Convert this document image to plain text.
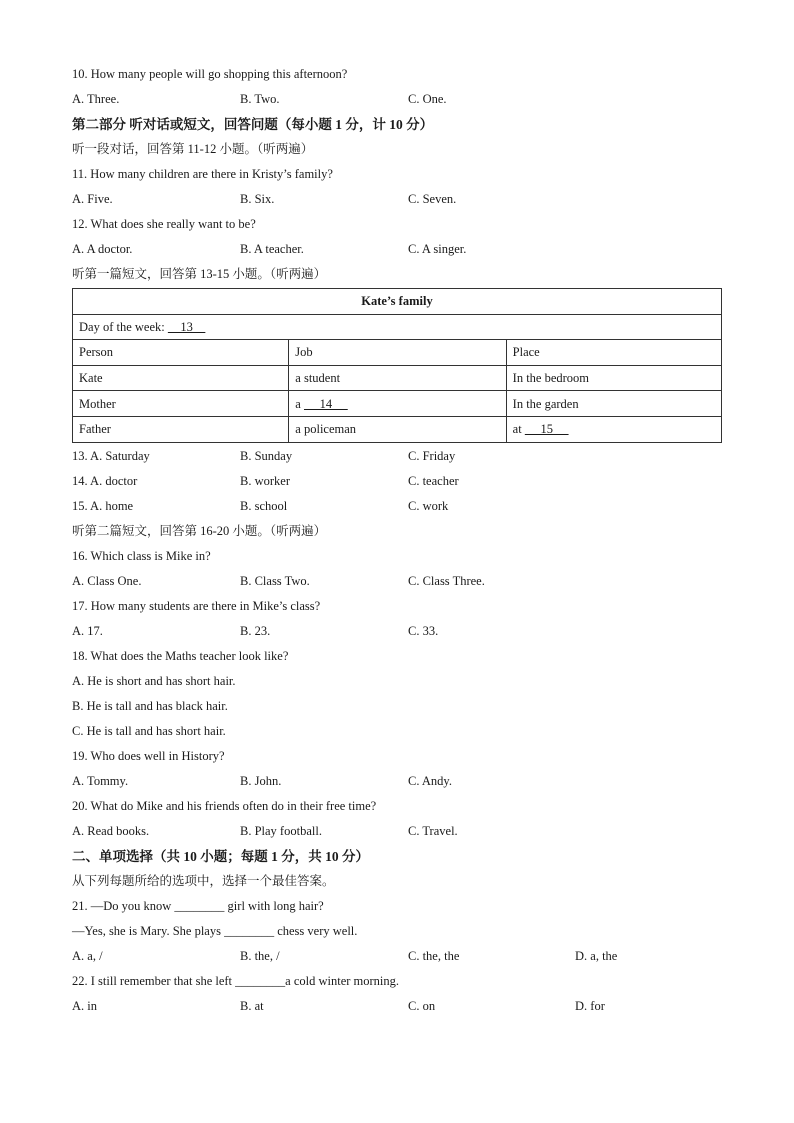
10. How many people will go shopping this afternoon?
A. Three.	B. Two.	C. One.
第二部分 听对话或短文，回答问题（每小题 1 分，计 10 分）
听一段对话，回答第 11-12 小题。（听两遍）
11. How many children are there in Kristy’s family?
A. Five.	B. Six.	C. Seven.
12. What does she really want to be?
A. A doctor.	B. A teacher.	C. A singer.
听第一篇短文，回答第 13-15 小题。（听两遍）
Kate’s family		
Day of the week:     13		
Person	Job	Place
Kate	a student	In the bedroom
Mother	a      14	In the garden
Father	a policeman	at      15
13. A. Saturday	B. Sunday	C. Friday
14. A. doctor	B. worker	C. teacher
15. A. home	B. school	C. work
听第二篇短文，回答第 16-20 小题。（听两遍）
16. Which class is Mike in?
A. Class One.	B. Class Two.	C. Class Three.
17. How many students are there in Mike’s class?
A. 17.	B. 23.	C. 33.
18. What does the Maths teacher look like?
A. He is short and has short hair.
B. He is tall and has black hair.
C. He is tall and has short hair.
19. Who does well in History?
A. Tommy.	B. John.	C. Andy.
20. What do Mike and his friends often do in their free time?
A. Read books.	B. Play football.	C. Travel.
二、单项选择（共 10 小题；每题 1 分，共 10 分）
从下列每题所给的选项中，选择一个最佳答案。
21. —Do you know ________ girl with long hair?
—Yes, she is Mary. She plays ________ chess very well.
A. a, /	B. the, /	C. the, the	D. a, the
22. I still remember that she left ________a cold winter morning.
A. in	B. at	C. on	D. for
